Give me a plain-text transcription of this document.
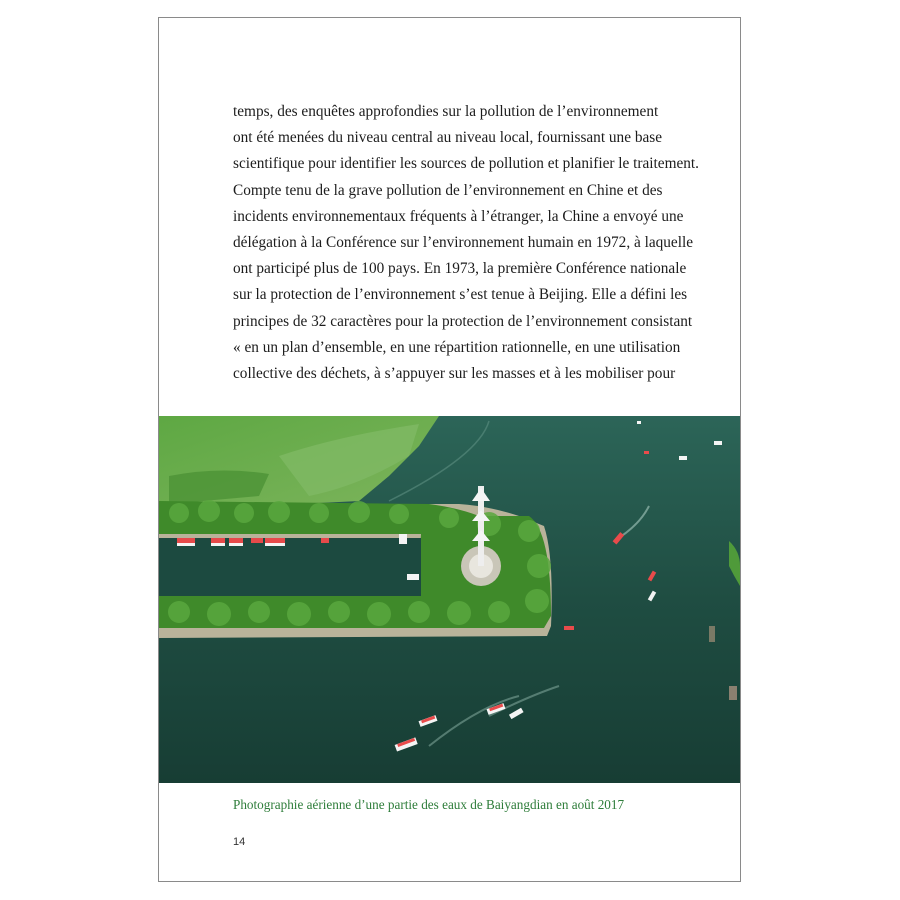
temps, des enquêtes approfondies sur la pollution de l’environnement
ont été menées du niveau central au niveau local, fournissant une base
scientifique pour identifier les sources de pollution et planifier le traitement.
Compte tenu de la grave pollution de l’environnement en Chine et des
incidents environnementaux fréquents à l’étranger, la Chine a envoyé une
délégation à la Conférence sur l’environnement humain en 1972, à laquelle
ont participé plus de 100 pays. En 1973, la première Conférence nationale
sur la protection de l’environnement s’est tenue à Beijing. Elle a défini les
principes de 32 caractères pour la protection de l’environnement consistant
« en un plan d’ensemble, en une répartition rationnelle, en une utilisation
collective des déchets, à s’appuyer sur les masses et à les mobiliser pour
Photographie aérienne d’une partie des eaux de Baiyangdian en août 2017
14
